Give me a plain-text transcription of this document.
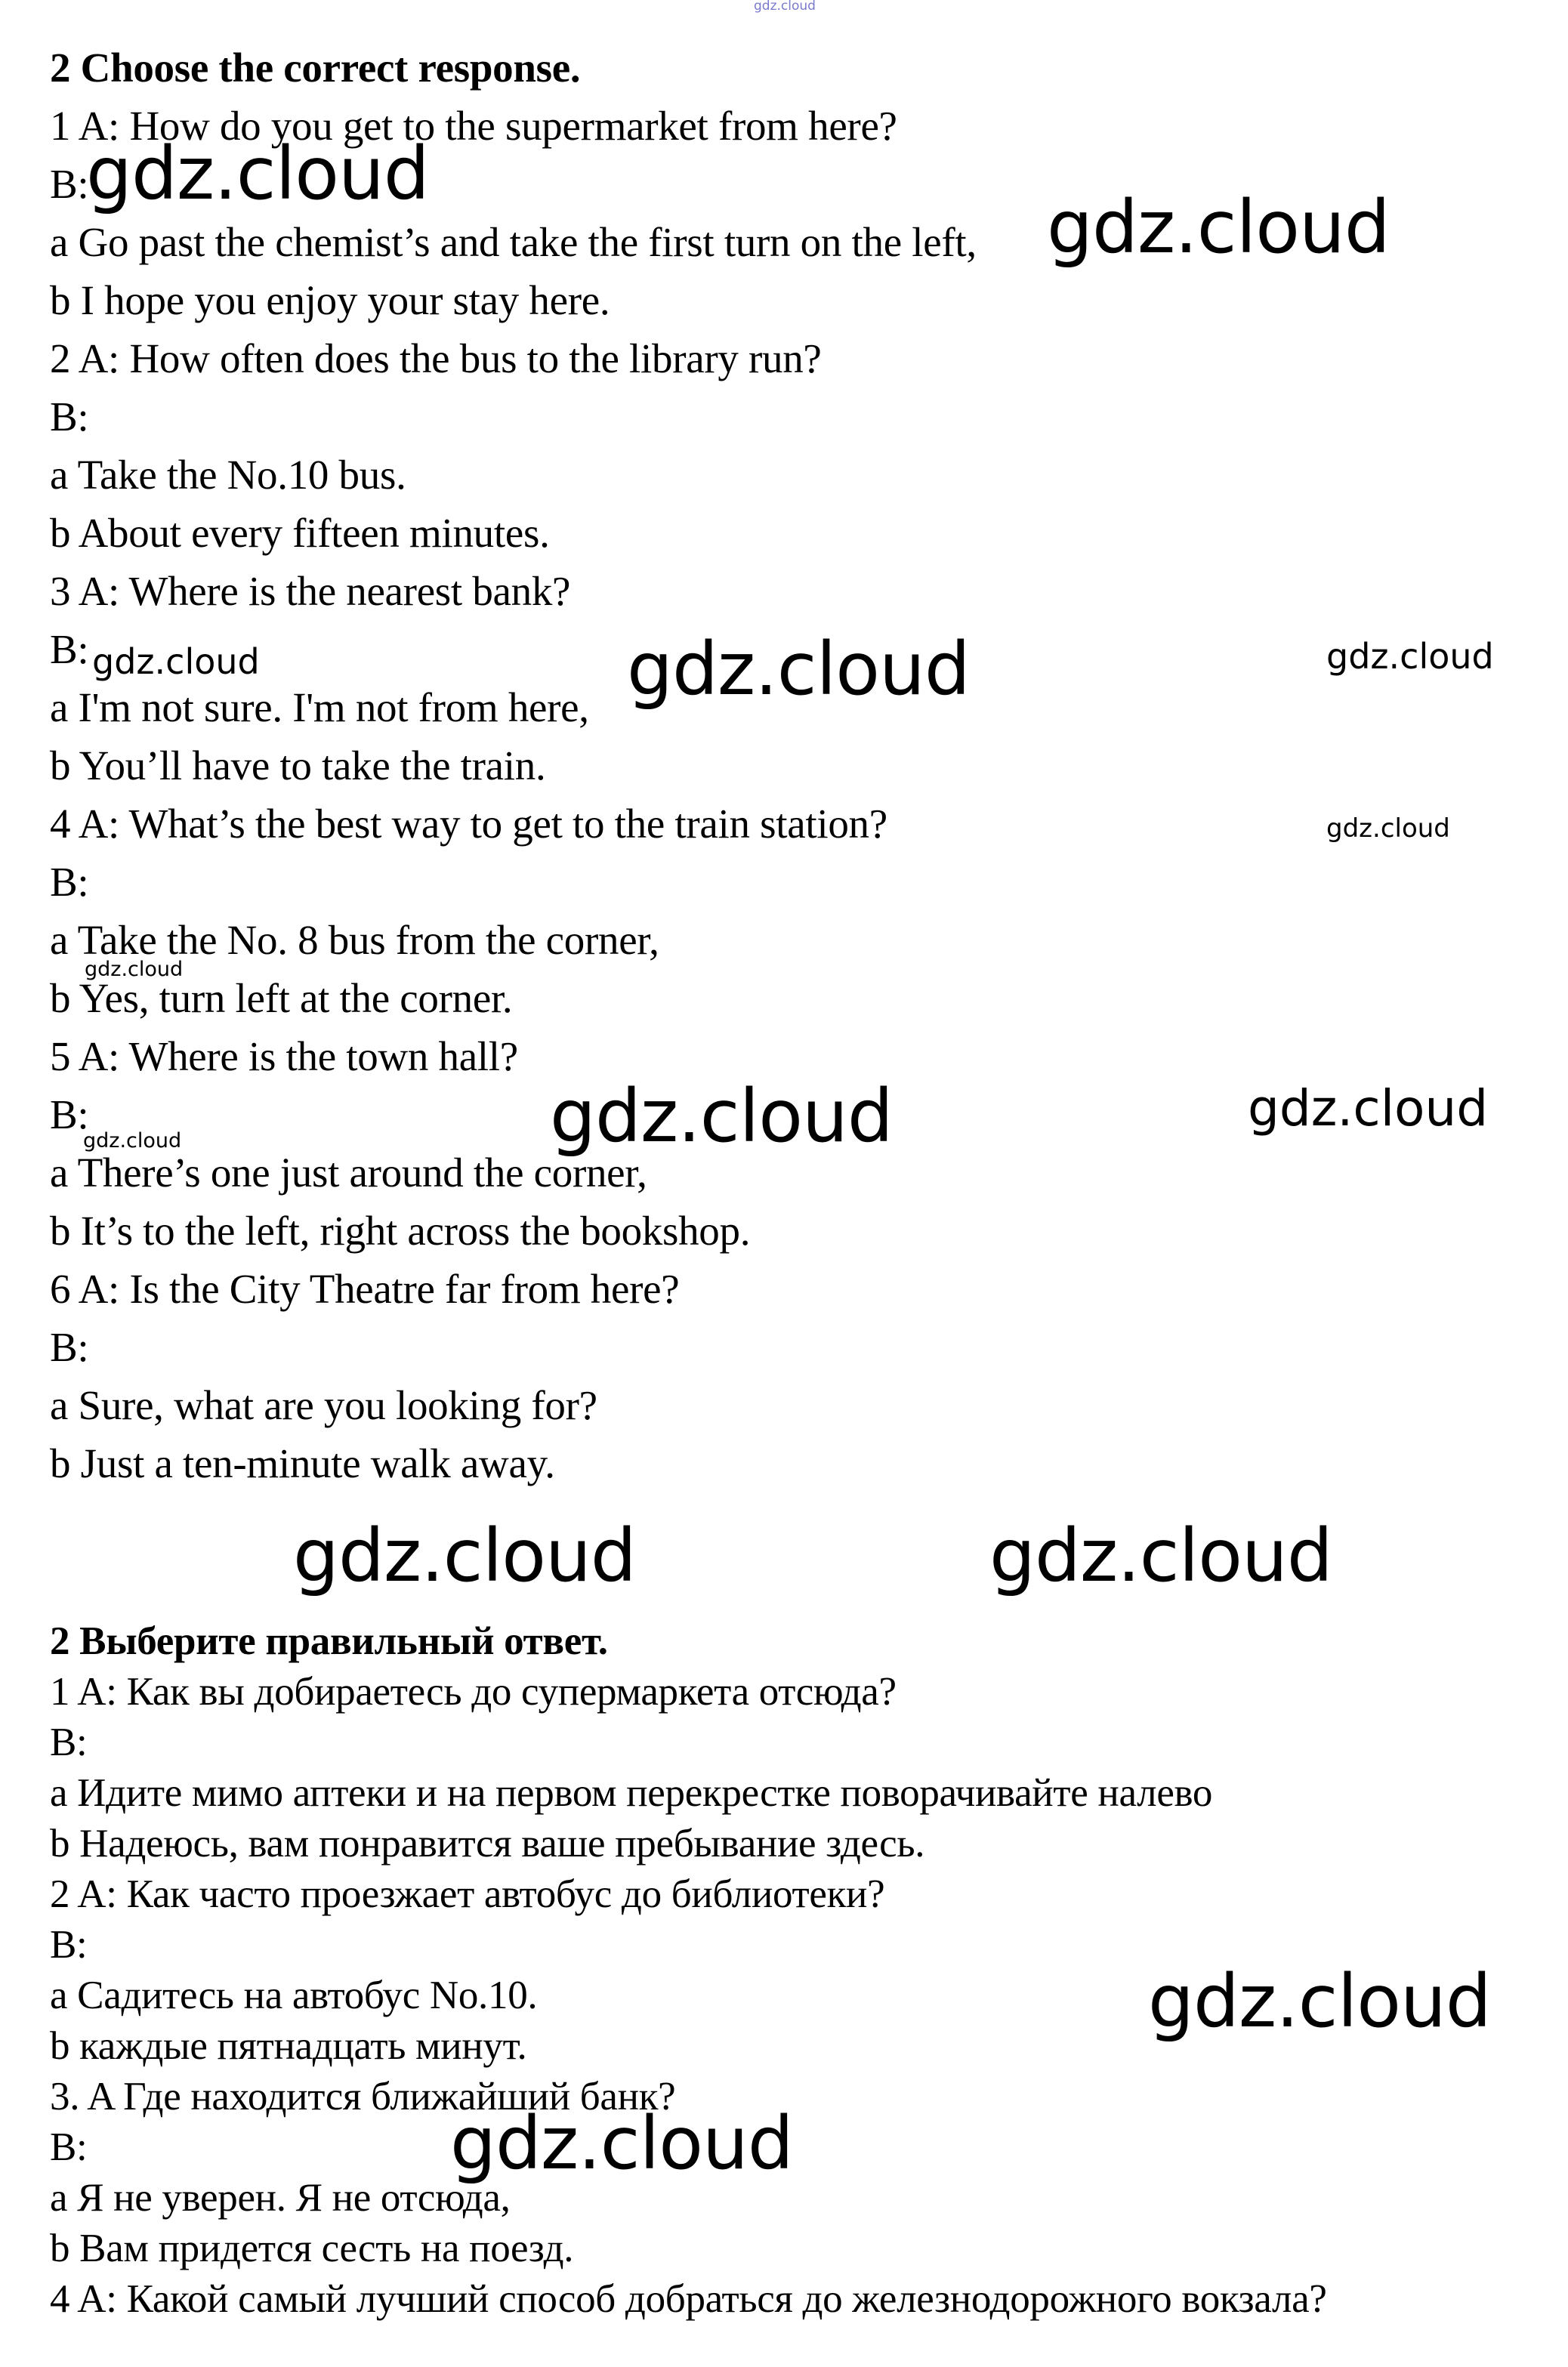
2 Choose the correct response.
1 A: How do you get to the supermarket from here?
B:
a Go past the chemist’s and take the first turn on the left,
b I hope you enjoy your stay here.
2 A: How often does the bus to the library run?
B:
a Take the No.10 bus.
b About every fifteen minutes.
3 A: Where is the nearest bank?
B:
a I'm not sure. I'm not from here,
b You’ll have to take the train.
4 A: What’s the best way to get to the train station?
B:
a Take the No. 8 bus from the corner,
b Yes, turn left at the corner.
5 A: Where is the town hall?
B:
a There’s one just around the corner,
b It’s to the left, right across the bookshop.
6 A: Is the City Theatre far from here?
B:
a Sure, what are you looking for?
b Just a ten-minute walk away.
2 Выберите правильный ответ.
1 A: Как вы добираетесь до супермаркета отсюда?
B:
a Идите мимо аптеки и на первом перекрестке поворачивайте налево
b Надеюсь, вам понравится ваше пребывание здесь.
2 A: Как часто проезжает автобус до библиотеки?
B:
a Садитесь на автобус No.10.
b каждые пятнадцать минут.
3. A Где находится ближайший банк?
B:
a Я не уверен. Я не отсюда,
b Вам придется сесть на поезд.
4 A: Какой самый лучший способ добраться до железнодорожного вокзала?
gdz.cloud
gdz.cloud
gdz.cloud
gdz.cloud	gdz.cloud	gdz.cloud
gdz.cloud
gdz.cloud
gdz.cloud	gdz.cloud
gdz.cloud
gdz.cloud	gdz.cloud
gdz.cloud
gdz.cloud
